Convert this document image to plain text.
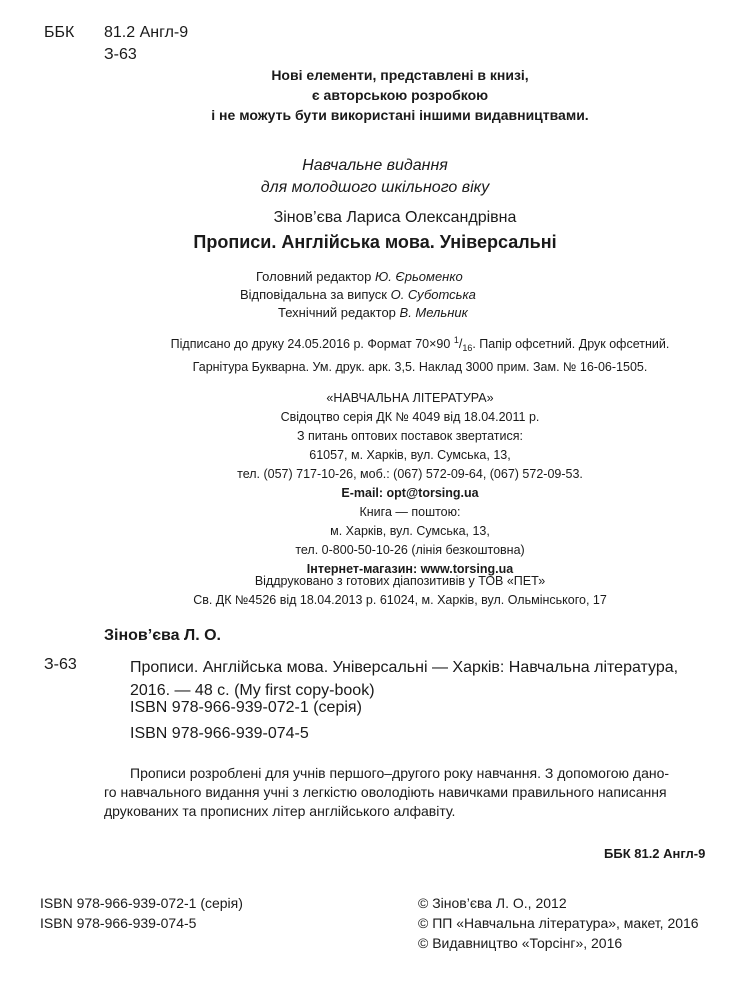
ББК 81.2 Англ-9
З-63
Нові елементи, представлені в книзі,
є авторською розробкою
і не можуть бути використані іншими видавництвами.
Навчальне видання
для молодшого шкільного віку
Зінов’єва Лариса Олександрівна
Прописи. Англійська мова. Універсальні
Головний редактор Ю. Єрьоменко
Відповідальна за випуск О. Суботська
Технічний редактор В. Мельник
Підписано до друку 24.05.2016 р. Формат 70×90 $^1/_{16}$. Папір офсетний. Друк офсетний.
Гарнітура Букварна. Ум. друк. арк. 3,5. Наклад 3000 прим. Зам. № 16-06-1505.
«НАВЧАЛЬНА ЛІТЕРАТУРА»
Свідоцтво серія ДК № 4049 від 18.04.2011 р.
З питань оптових поставок звертатися:
61057, м. Харків, вул. Сумська, 13,
тел. (057) 717-10-26, моб.: (067) 572-09-64, (067) 572-09-53.
E-mail: opt@torsing.ua
Книга — поштою:
м. Харків, вул. Сумська, 13,
тел. 0-800-50-10-26 (лінія безкоштовна)
Інтернет-магазин: www.torsing.ua
Віддруковано з готових діапозитивів у ТОВ «ПЕТ»
Св. ДК №4526 від 18.04.2013 р. 61024, м. Харків, вул. Ольмінського, 17
Зінов’єва Л. О.
З-63	Прописи. Англійська мова. Універсальні — Харків: Навчальна література,
2016. — 48 с. (My first copy-book)
ISBN 978-966-939-072-1 (серія)
ISBN 978-966-939-074-5
Прописи розроблені для учнів першого–другого року навчання. З допомогою дано-
го навчального видання учні з легкістю оволодіють навичками правильного написання
друкованих та прописних літер англійського алфавіту.
ББК 81.2 Англ-9
ISBN 978-966-939-072-1 (серія)
ISBN 978-966-939-074-5
© Зінов’єва Л. О., 2012
© ПП «Навчальна література», макет, 2016
© Видавництво «Торсінг», 2016
